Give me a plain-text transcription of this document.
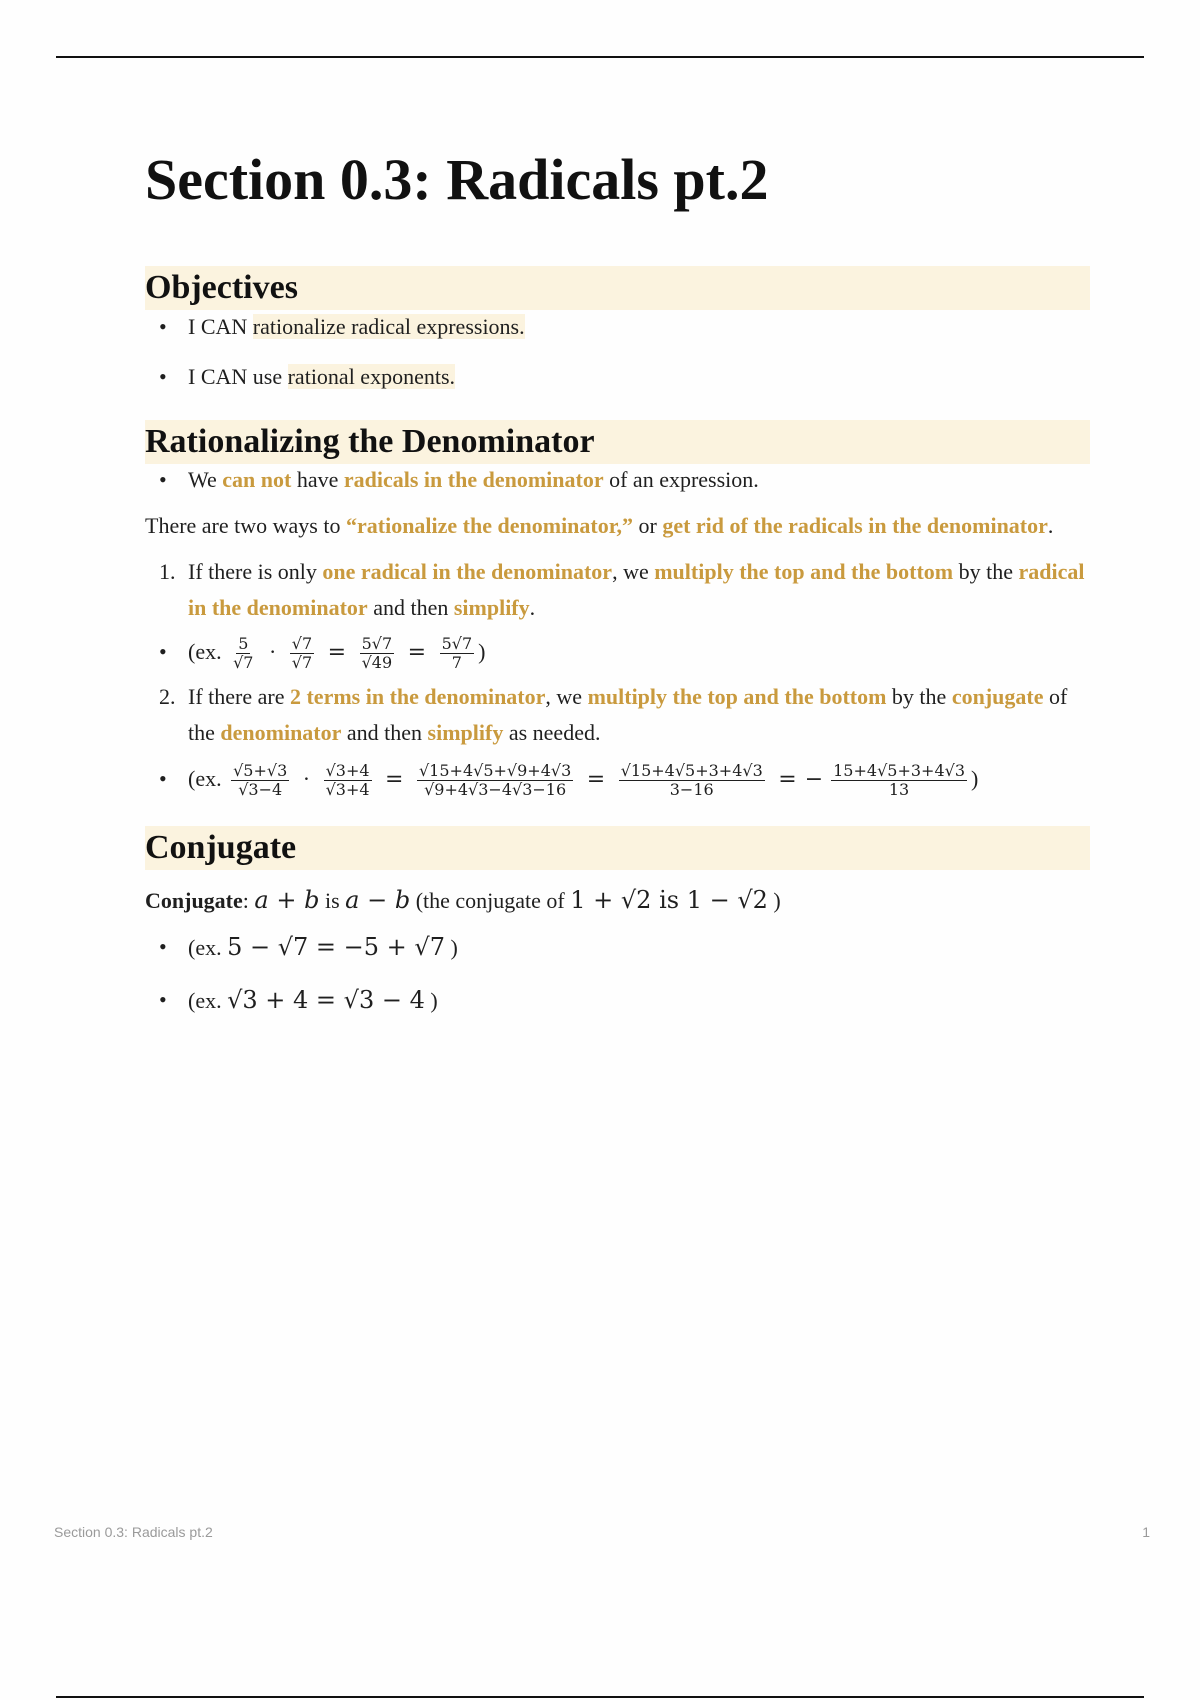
Section 0.3: Radicals pt.2
Objectives
• I CAN rationalize radical expressions.
• I CAN use rational exponents.
Rationalizing the Denominator
• We can not have radicals in the denominator of an expression.

There are two ways to “rationalize the denominator,” or get rid of the radicals in the denominator.

1. If there is only one radical in the denominator, we multiply the top and the bottom by the radical in the denominator and then simplify.
• (ex. $\frac{5}{√7} \cdot \frac{√7}{√7} = \frac{5√7}{√49} = \frac{5√7}{7}$ )
2. If there are 2 terms in the denominator, we multiply the top and the bottom by the conjugate of the denominator and then simplify as needed.
• (ex. $\frac{√5+√3}{√3-4} \cdot \frac{√3+4}{√3+4} = \frac{√15+4√5+√9+4√3}{√9+4√3-4√3-16} = \frac{√15+4√5+3+4√3}{3-16}$ = − $\frac{15+4√5+3+4√3}{13}$ )
Conjugate

Conjugate: a + b is a − b (the conjugate of 1 + √2 is 1 − √2 )

• (ex. 5 − √7 = −5 + √7 )
• (ex. √3 + 4 = √3 − 4 )
Section 0.3: Radicals pt.2	1
